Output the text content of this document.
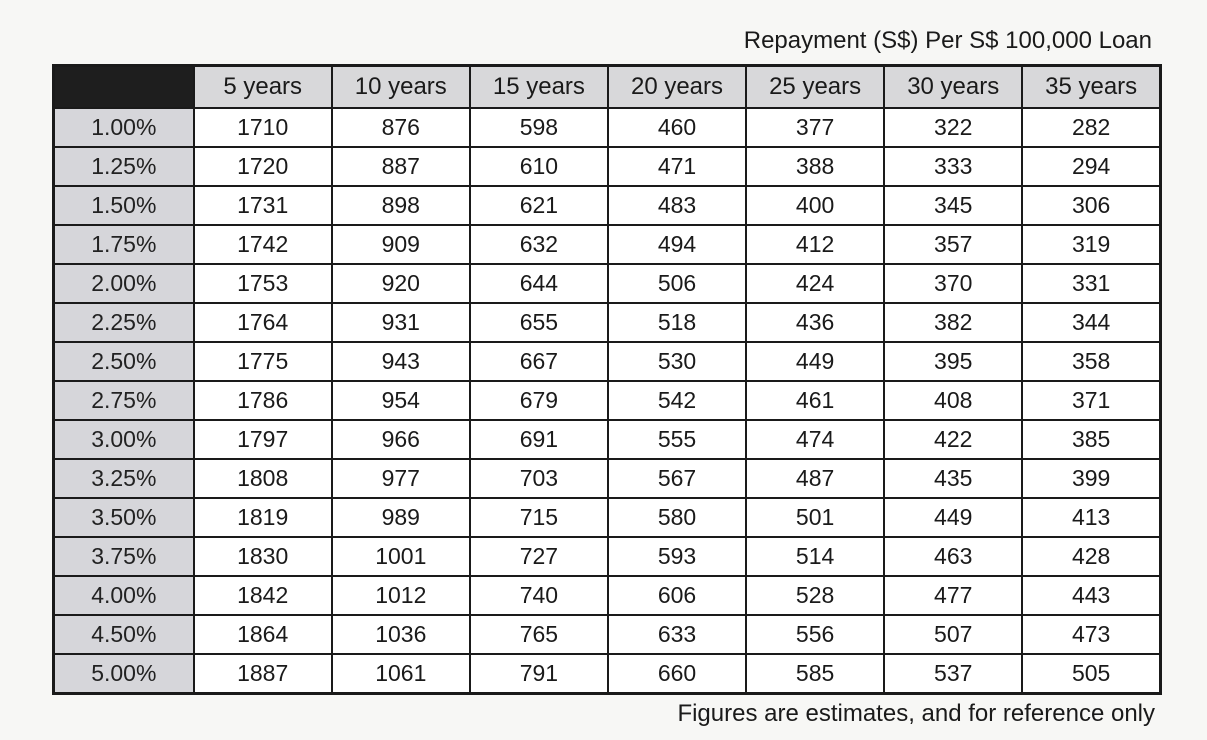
Repayment (S$) Per S$ 100,000 Loan
	5 years	10 years	15 years	20 years	25 years	30 years	35 years
1.00%	1710	876	598	460	377	322	282
1.25%	1720	887	610	471	388	333	294
1.50%	1731	898	621	483	400	345	306
1.75%	1742	909	632	494	412	357	319
2.00%	1753	920	644	506	424	370	331
2.25%	1764	931	655	518	436	382	344
2.50%	1775	943	667	530	449	395	358
2.75%	1786	954	679	542	461	408	371
3.00%	1797	966	691	555	474	422	385
3.25%	1808	977	703	567	487	435	399
3.50%	1819	989	715	580	501	449	413
3.75%	1830	1001	727	593	514	463	428
4.00%	1842	1012	740	606	528	477	443
4.50%	1864	1036	765	633	556	507	473
5.00%	1887	1061	791	660	585	537	505
Figures are estimates, and for reference only
